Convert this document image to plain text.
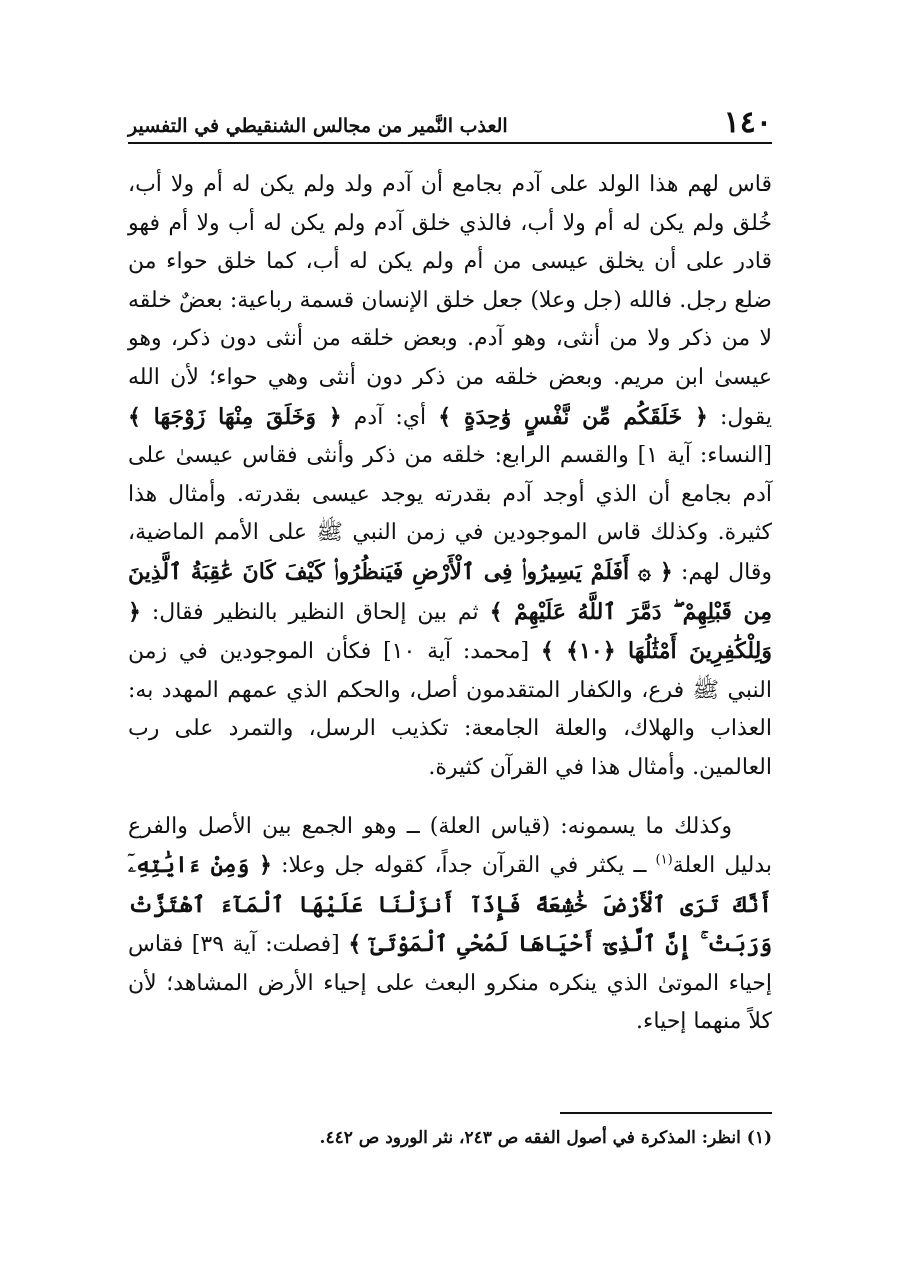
١٤٠
العذب النَّمير من مجالس الشنقيطي في التفسير

قاس لهم هذا الولد على آدم بجامع أن آدم ولد ولم يكن له أم ولا أب، خُلق ولم يكن له أم ولا أب، فالذي خلق آدم ولم يكن له أب ولا أم فهو قادر على أن يخلق عيسى من أم ولم يكن له أب، كما خلق حواء من ضلع رجل. فالله (جل وعلا) جعل خلق الإنسان قسمة رباعية: بعضٌ خلقه لا من ذكر ولا من أنثى، وهو آدم. وبعض خلقه من أنثى دون ذكر، وهو عيسىٰ ابن مريم. وبعض خلقه من ذكر دون أنثى وهي حواء؛ لأن الله يقول: ﴿ خَلَقَكُم مِّن نَّفْسٍ وَٰحِدَةٍ ﴾ أي: آدم ﴿ وَخَلَقَ مِنْهَا زَوْجَهَا ﴾ [النساء: آية ١] والقسم الرابع: خلقه من ذكر وأنثى فقاس عيسىٰ على آدم بجامع أن الذي أوجد آدم بقدرته يوجد عيسى بقدرته. وأمثال هذا كثيرة. وكذلك قاس الموجودين في زمن النبي ﷺ على الأمم الماضية، وقال لهم: ﴿ ۞ أَفَلَمْ يَسِيرُوا۟ فِى ٱلْأَرْضِ فَيَنظُرُوا۟ كَيْفَ كَانَ عَٰقِبَةُ ٱلَّذِينَ مِن قَبْلِهِمْ ۖ دَمَّرَ ٱللَّهُ عَلَيْهِمْ ﴾ ثم بين إلحاق النظير بالنظير فقال: ﴿ وَلِلْكَٰفِرِينَ أَمْثَٰلُهَا ﴿١٠﴾ ﴾ [محمد: آية ١٠] فكأن الموجودين في زمن النبي ﷺ فرع، والكفار المتقدمون أصل، والحكم الذي عمهم المهدد به: العذاب والهلاك، والعلة الجامعة: تكذيب الرسل، والتمرد على رب العالمين. وأمثال هذا في القرآن كثيرة.

وكذلك ما يسمونه: (قياس العلة) ــ وهو الجمع بين الأصل والفرع بدليل العلة$^{(١)}$ ــ يكثر في القرآن جداً، كقوله جل وعلا: ﴿ وَمِنْ ءَايَٰتِهِۦٓ أَنَّكَ تَرَى ٱلْأَرْضَ خَٰشِعَةً فَإِذَآ أَنزَلْنَا عَلَيْهَا ٱلْمَآءَ ٱهْتَزَّتْ وَرَبَتْ ۚ إِنَّ ٱلَّذِىٓ أَحْيَاهَا لَمُحْىِ ٱلْمَوْتَىٰٓ ﴾ [فصلت: آية ٣٩] فقاس إحياء الموتىٰ الذي ينكره منكرو البعث على إحياء الأرض المشاهد؛ لأن كلاً منهما إحياء.

(١) انظر: المذكرة في أصول الفقه ص ٢٤٣، نثر الورود ص ٤٤٢.
